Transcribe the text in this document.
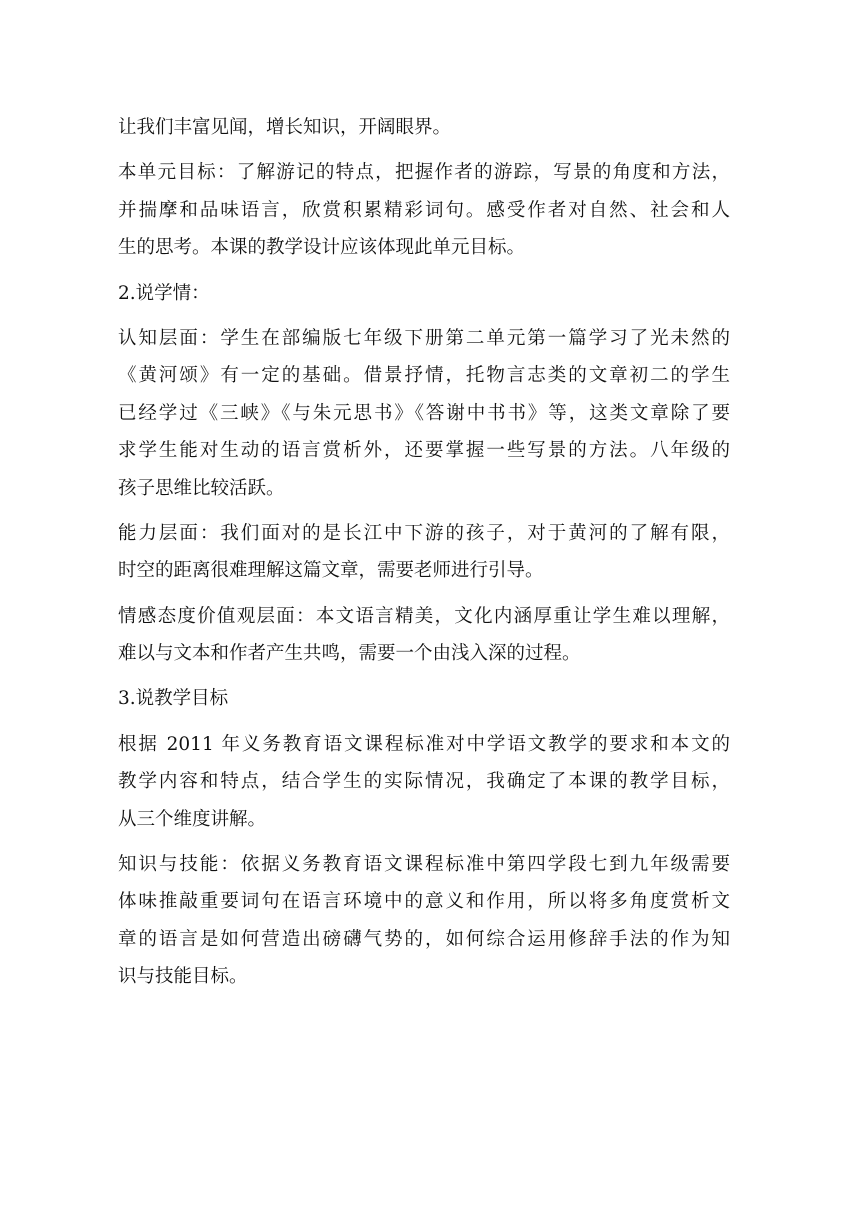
让我们丰富见闻，增长知识，开阔眼界。
本单元目标：了解游记的特点，把握作者的游踪，写景的角度和方法，
并揣摩和品味语言，欣赏积累精彩词句。感受作者对自然、社会和人
生的思考。本课的教学设计应该体现此单元目标。
2.说学情：
认知层面：学生在部编版七年级下册第二单元第一篇学习了光未然的
《黄河颂》有一定的基础。借景抒情，托物言志类的文章初二的学生
已经学过《三峡》《与朱元思书》《答谢中书书》等，这类文章除了要
求学生能对生动的语言赏析外，还要掌握一些写景的方法。八年级的
孩子思维比较活跃。
能力层面：我们面对的是长江中下游的孩子，对于黄河的了解有限，
时空的距离很难理解这篇文章，需要老师进行引导。
情感态度价值观层面：本文语言精美，文化内涵厚重让学生难以理解，
难以与文本和作者产生共鸣，需要一个由浅入深的过程。
3.说教学目标
根据 2011 年义务教育语文课程标准对中学语文教学的要求和本文的
教学内容和特点，结合学生的实际情况，我确定了本课的教学目标，
从三个维度讲解。
知识与技能：依据义务教育语文课程标准中第四学段七到九年级需要
体味推敲重要词句在语言环境中的意义和作用，所以将多角度赏析文
章的语言是如何营造出磅礴气势的，如何综合运用修辞手法的作为知
识与技能目标。
